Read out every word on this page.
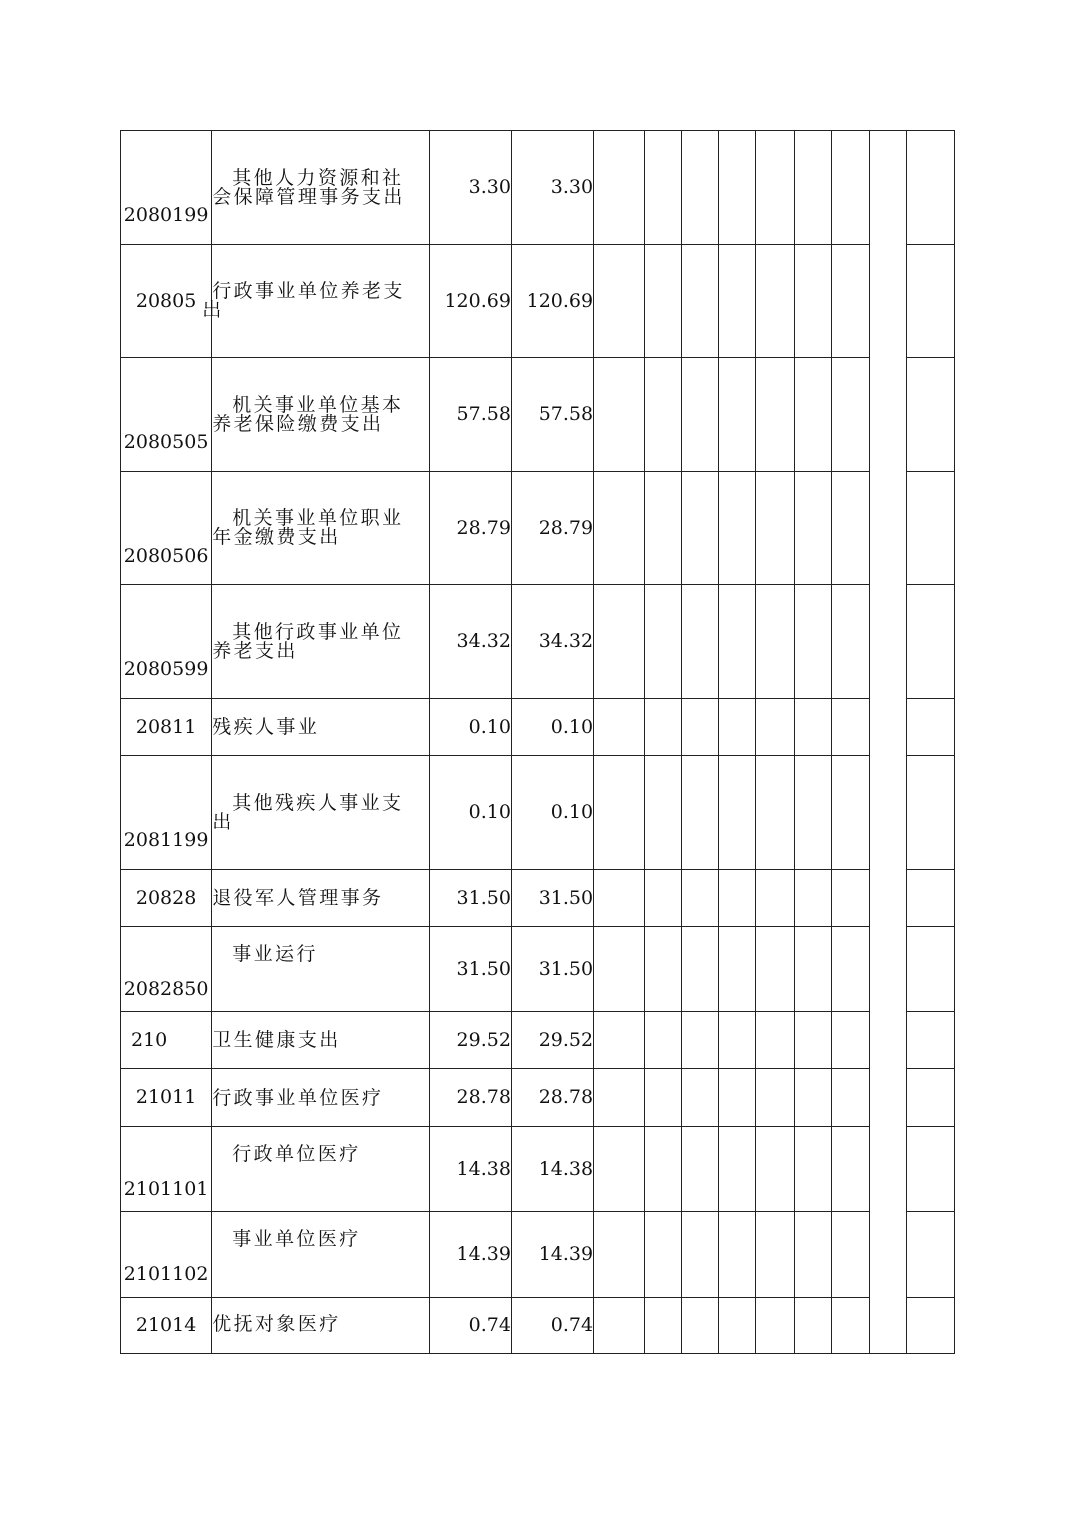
2080199	其他人力资源和社
会保障管理事务支出	3.30	3.30									
20805	行政事业单位养老支
出	120.69	120.69									
2080505	机关事业单位基本
养老保险缴费支出	57.58	57.58									
2080506	机关事业单位职业
年金缴费支出	28.79	28.79									
2080599	其他行政事业单位
养老支出	34.32	34.32									
20811	残疾人事业	0.10	0.10									
2081199	其他残疾人事业支
出	0.10	0.10									
20828	退役军人管理事务	31.50	31.50									
2082850	事业运行	31.50	31.50									
210	卫生健康支出	29.52	29.52									
21011	行政事业单位医疗	28.78	28.78									
2101101	行政单位医疗	14.38	14.38									
2101102	事业单位医疗	14.39	14.39									
21014	优抚对象医疗	0.74	0.74									
